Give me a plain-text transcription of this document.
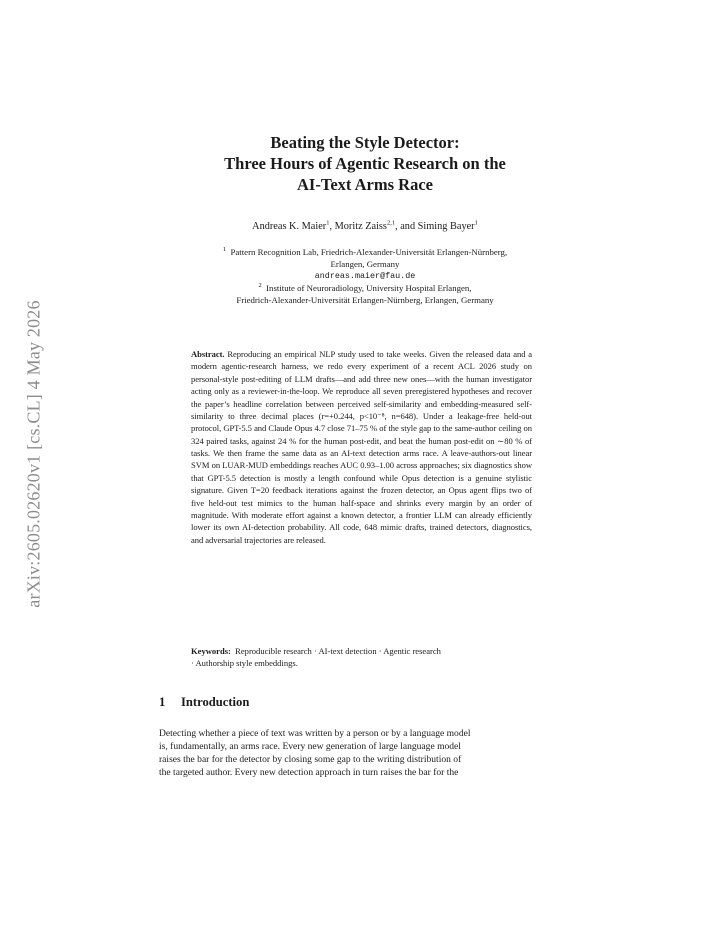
arXiv:2605.02620v1 [cs.CL] 4 May 2026
Beating the Style Detector:
Three Hours of Agentic Research on the
AI-Text Arms Race
Andreas K. Maier$^1$, Moritz Zaiss$^{2,1}$, and Siming Bayer$^1$
$^1$ Pattern Recognition Lab, Friedrich-Alexander-Universität Erlangen-Nürnberg,
Erlangen, Germany
andreas.maier@fau.de
$^2$ Institute of Neuroradiology, University Hospital Erlangen,
Friedrich-Alexander-Universität Erlangen-Nürnberg, Erlangen, Germany

Abstract. Reproducing an empirical NLP study used to take weeks. Given the released data and a modern agentic-research harness, we redo every experiment of a recent ACL 2026 study on personal-style post-editing of LLM drafts—and add three new ones—with the human investigator acting only as a reviewer-in-the-loop. We reproduce all seven preregistered hypotheses and recover the paper’s headline correlation between perceived self-similarity and embedding-measured self-similarity to three decimal places (r=+0.244, p<10⁻⁸, n=648). Under a leakage-free held-out protocol, GPT-5.5 and Claude Opus 4.7 close 71–75 % of the style gap to the same-author ceiling on 324 paired tasks, against 24 % for the human post-edit, and beat the human post-edit on ∼80 % of tasks. We then frame the same data as an AI-text detection arms race. A leave-authors-out linear SVM on LUAR-MUD embeddings reaches AUC 0.93–1.00 across approaches; six diagnostics show that GPT-5.5 detection is mostly a length confound while Opus detection is a genuine stylistic signature. Given T=20 feedback iterations against the frozen detector, an Opus agent flips two of five held-out test mimics to the human half-space and shrinks every margin by an order of magnitude. With moderate effort against a known detector, a frontier LLM can already efficiently lower its own AI-detection probability. All code, 648 mimic drafts, trained detectors, diagnostics, and adversarial trajectories are released.

Keywords: Reproducible research · AI-text detection · Agentic research
· Authorship style embeddings.
1 Introduction
Detecting whether a piece of text was written by a person or by a language model
is, fundamentally, an arms race. Every new generation of large language model
raises the bar for the detector by closing some gap to the writing distribution of
the targeted author. Every new detection approach in turn raises the bar for the
